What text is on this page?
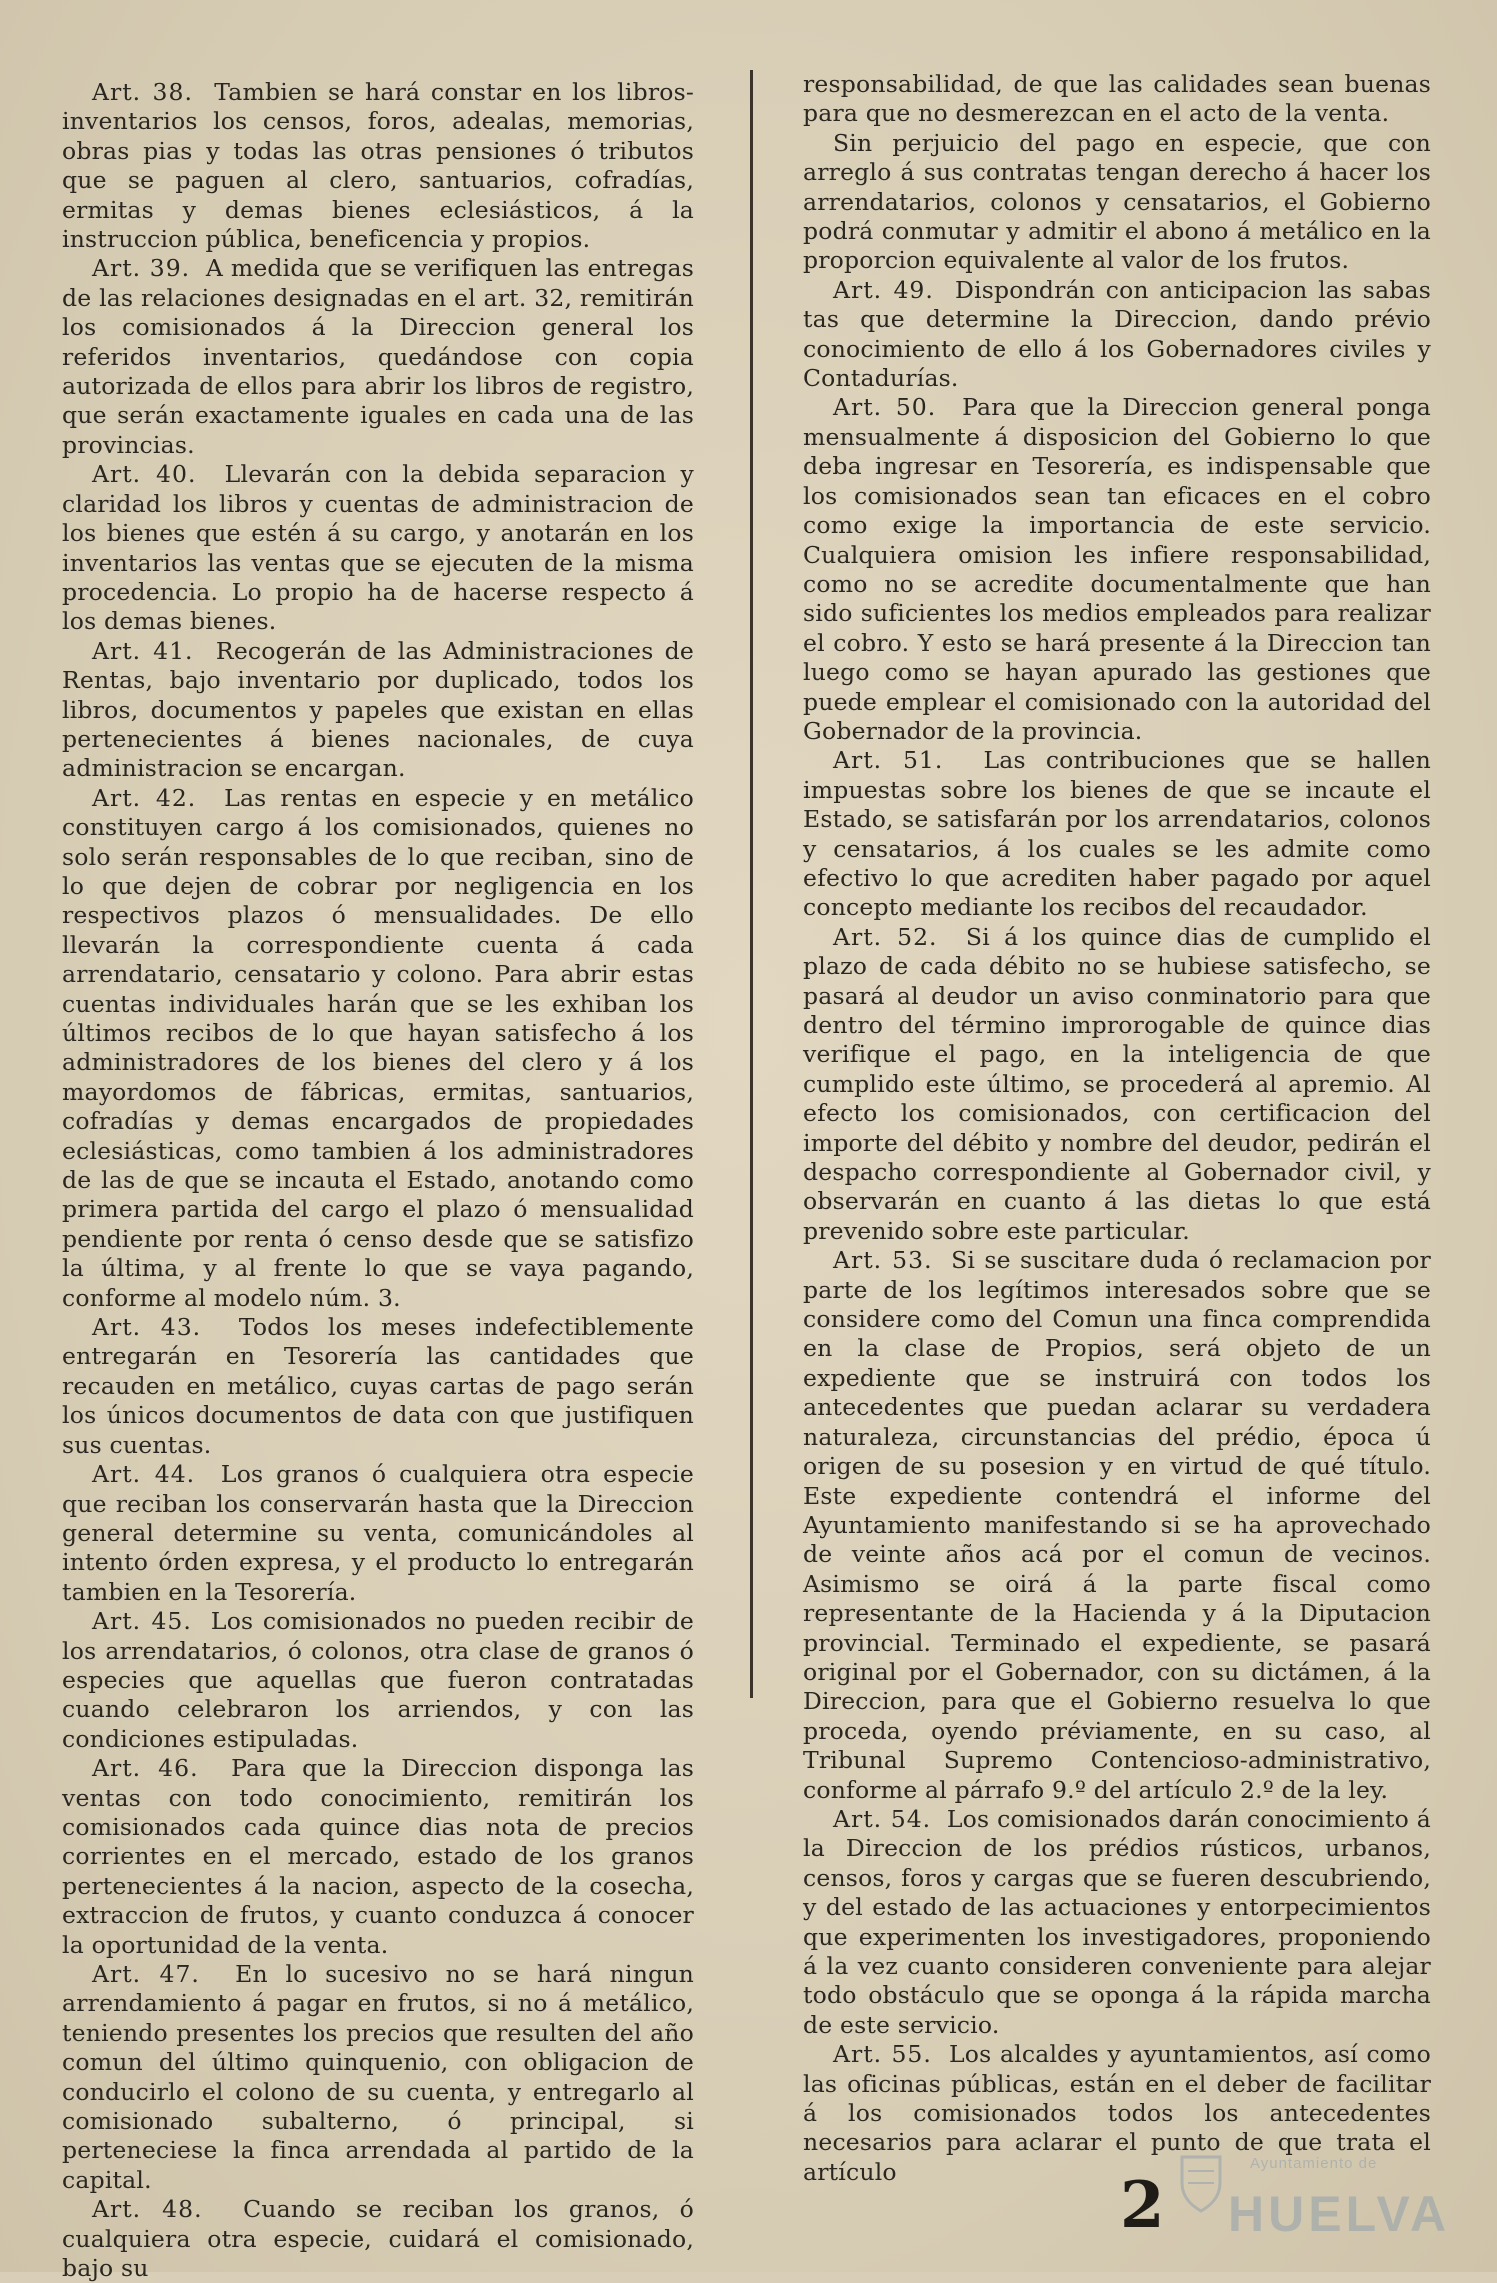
Art. 38. Tambien se hará constar en los libros-inventarios los censos, foros, adealas, memorias, obras pias y todas las otras pensiones ó tributos que se paguen al clero, santuarios, cofradías, ermitas y demas bienes eclesiásticos, á la instruccion pública, beneficencia y propios.

Art. 39. A medida que se verifiquen las entregas de las relaciones designadas en el art. 32, remitirán los comisionados á la Direccion general los referidos inventarios, quedándose con copia autorizada de ellos para abrir los libros de registro, que serán exactamente iguales en cada una de las provincias.

Art. 40. Llevarán con la debida separacion y claridad los libros y cuentas de administracion de los bienes que estén á su cargo, y anotarán en los inventarios las ventas que se ejecuten de la misma procedencia. Lo propio ha de hacerse respecto á los demas bienes.

Art. 41. Recogerán de las Administraciones de Rentas, bajo inventario por duplicado, todos los libros, documentos y papeles que existan en ellas pertenecientes á bienes nacionales, de cuya administracion se encargan.

Art. 42. Las rentas en especie y en metálico constituyen cargo á los comisionados, quienes no solo serán responsables de lo que reciban, sino de lo que dejen de cobrar por negligencia en los respectivos plazos ó mensualidades. De ello llevarán la correspondiente cuenta á cada arrendatario, censatario y colono. Para abrir estas cuentas individuales harán que se les exhiban los últimos recibos de lo que hayan satisfecho á los administradores de los bienes del clero y á los mayordomos de fábricas, ermitas, santuarios, cofradías y demas encargados de propiedades eclesiásticas, como tambien á los administradores de las de que se incauta el Estado, anotando como primera partida del cargo el plazo ó mensualidad pendiente por renta ó censo desde que se satisfizo la última, y al frente lo que se vaya pagando, conforme al modelo núm. 3.

Art. 43. Todos los meses indefectiblemente entregarán en Tesorería las cantidades que recauden en metálico, cuyas cartas de pago serán los únicos documentos de data con que justifiquen sus cuentas.

Art. 44. Los granos ó cualquiera otra especie que reciban los conservarán hasta que la Direccion general determine su venta, comunicándoles al intento órden expresa, y el producto lo entregarán tambien en la Tesorería.

Art. 45. Los comisionados no pueden recibir de los arrendatarios, ó colonos, otra clase de granos ó especies que aquellas que fueron contratadas cuando celebraron los arriendos, y con las condiciones estipuladas.

Art. 46. Para que la Direccion disponga las ventas con todo conocimiento, remitirán los comisionados cada quince dias nota de precios corrientes en el mercado, estado de los granos pertenecientes á la nacion, aspecto de la cosecha, extraccion de frutos, y cuanto conduzca á conocer la oportunidad de la venta.

Art. 47. En lo sucesivo no se hará ningun arrendamiento á pagar en frutos, si no á metálico, teniendo presentes los precios que resulten del año comun del último quinquenio, con obligacion de conducirlo el colono de su cuenta, y entregarlo al comisionado subalterno, ó principal, si perteneciese la finca arrendada al partido de la capital.

Art. 48. Cuando se reciban los granos, ó cualquiera otra especie, cuidará el comisionado, bajo su

responsabilidad, de que las calidades sean buenas para que no desmerezcan en el acto de la venta.

Sin perjuicio del pago en especie, que con arreglo á sus contratas tengan derecho á hacer los arrendatarios, colonos y censatarios, el Gobierno podrá conmutar y admitir el abono á metálico en la proporcion equivalente al valor de los frutos.

Art. 49. Dispondrán con anticipacion las sabas tas que determine la Direccion, dando prévio conocimiento de ello á los Gobernadores civiles y Contadurías.

Art. 50. Para que la Direccion general ponga mensualmente á disposicion del Gobierno lo que deba ingresar en Tesorería, es indispensable que los comisionados sean tan eficaces en el cobro como exige la importancia de este servicio. Cualquiera omision les infiere responsabilidad, como no se acredite documentalmente que han sido suficientes los medios empleados para realizar el cobro. Y esto se hará presente á la Direccion tan luego como se hayan apurado las gestiones que puede emplear el comisionado con la autoridad del Gobernador de la provincia.

Art. 51. Las contribuciones que se hallen impuestas sobre los bienes de que se incaute el Estado, se satisfarán por los arrendatarios, colonos y censatarios, á los cuales se les admite como efectivo lo que acrediten haber pagado por aquel concepto mediante los recibos del recaudador.

Art. 52. Si á los quince dias de cumplido el plazo de cada débito no se hubiese satisfecho, se pasará al deudor un aviso conminatorio para que dentro del término improrogable de quince dias verifique el pago, en la inteligencia de que cumplido este último, se procederá al apremio. Al efecto los comisionados, con certificacion del importe del débito y nombre del deudor, pedirán el despacho correspondiente al Gobernador civil, y observarán en cuanto á las dietas lo que está prevenido sobre este particular.

Art. 53. Si se suscitare duda ó reclamacion por parte de los legítimos interesados sobre que se considere como del Comun una finca comprendida en la clase de Propios, será objeto de un expediente que se instruirá con todos los antecedentes que puedan aclarar su verdadera naturaleza, circunstancias del prédio, época ú origen de su posesion y en virtud de qué título. Este expediente contendrá el informe del Ayuntamiento manifestando si se ha aprovechado de veinte años acá por el comun de vecinos. Asimismo se oirá á la parte fiscal como representante de la Hacienda y á la Diputacion provincial. Terminado el expediente, se pasará original por el Gobernador, con su dictámen, á la Direccion, para que el Gobierno resuelva lo que proceda, oyendo préviamente, en su caso, al Tribunal Supremo Contencioso-administrativo, conforme al párrafo 9.º del artículo 2.º de la ley.

Art. 54. Los comisionados darán conocimiento á la Direccion de los prédios rústicos, urbanos, censos, foros y cargas que se fueren descubriendo, y del estado de las actuaciones y entorpecimientos que experimenten los investigadores, proponiendo á la vez cuanto consideren conveniente para alejar todo obstáculo que se oponga á la rápida marcha de este servicio.

Art. 55. Los alcaldes y ayuntamientos, así como las oficinas públicas, están en el deber de facilitar á los comisionados todos los antecedentes necesarios para aclarar el punto de que trata el artículo	2
Ayuntamiento de
HUELVA
